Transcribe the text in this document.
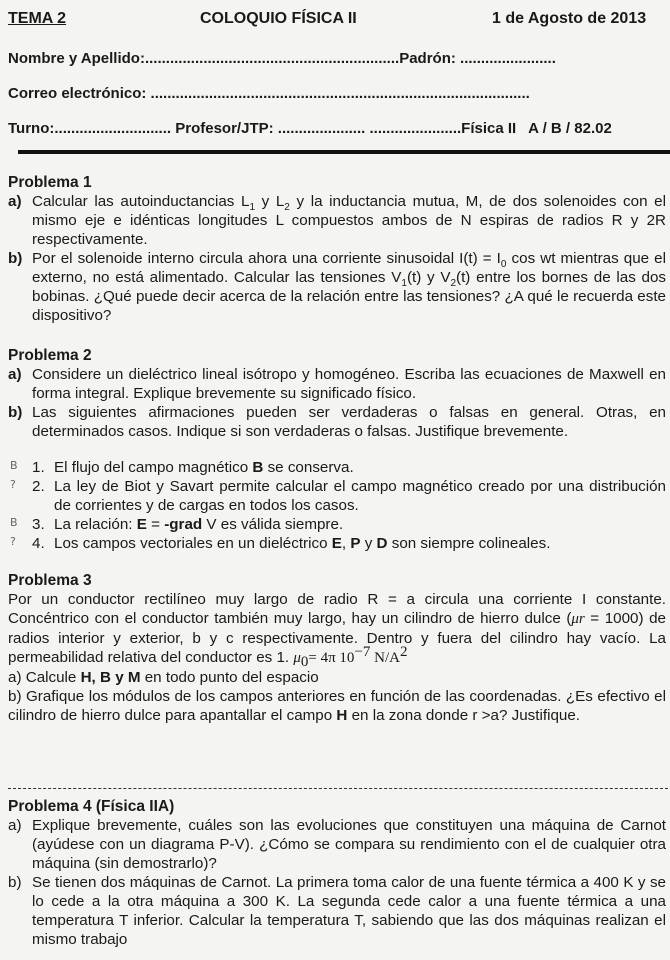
TEMA 2	COLOQUIO FÍSICA II	1 de Agosto de 2013
Nombre y Apellido:.............................................................Padrón: .......................
Correo electrónico: ...........................................................................................
Turno:............................ Profesor/JTP: ..................... ......................Física II   A / B / 82.02
Problema 1
a) Calcular las autoinductancias $L_1$ y $L_2$ y la inductancia mutua, M, de dos solenoides con el mismo eje e idénticas longitudes L compuestos ambos de N espiras de radios R y 2R respectivamente.
b) Por el solenoide interno circula ahora una corriente sinusoidal $I(t) = I_0$ cos wt mientras que el externo, no está alimentado. Calcular las tensiones $V_1(t)$ y $V_2(t)$ entre los bornes de las dos bobinas. ¿Qué puede decir acerca de la relación entre las tensiones? ¿A qué le recuerda este dispositivo?
Problema 2
a) Considere un dieléctrico lineal isótropo y homogéneo. Escriba las ecuaciones de Maxwell en forma integral. Explique brevemente su significado físico.
b) Las siguientes afirmaciones pueden ser verdaderas o falsas en general. Otras, en determinados casos. Indique si son verdaderas o falsas. Justifique brevemente.
B 1. El flujo del campo magnético B se conserva.
? 2. La ley de Biot y Savart permite calcular el campo magnético creado por una distribución de corrientes y de cargas en todos los casos.
B 3. La relación: E = -grad V es válida siempre.
? 4. Los campos vectoriales en un dieléctrico E, P y D son siempre colineales.
Problema 3
Por un conductor rectilíneo muy largo de radio R = a circula una corriente I constante. Concéntrico con el conductor también muy largo, hay un cilindro de hierro dulce (μr = 1000) de radios interior y exterior, b y c respectivamente. Dentro y fuera del cilindro hay vacío. La permeabilidad relativa del conductor es 1. $\mu_0= 4\pi$ $10^{-7}$ $N/A^2$
a) Calcule H, B y M en todo punto del espacio
b) Grafique los módulos de los campos anteriores en función de las coordenadas. ¿Es efectivo el cilindro de hierro dulce para apantallar el campo H en la zona donde r >a? Justifique.
Problema 4 (Física IIA)
a) Explique brevemente, cuáles son las evoluciones que constituyen una máquina de Carnot (ayúdese con un diagrama P-V). ¿Cómo se compara su rendimiento con el de cualquier otra máquina (sin demostrarlo)?
b) Se tienen dos máquinas de Carnot. La primera toma calor de una fuente térmica a 400 K y se lo cede a la otra máquina a 300 K. La segunda cede calor a una fuente térmica a una temperatura T inferior. Calcular la temperatura T, sabiendo que las dos máquinas realizan el mismo trabajo
